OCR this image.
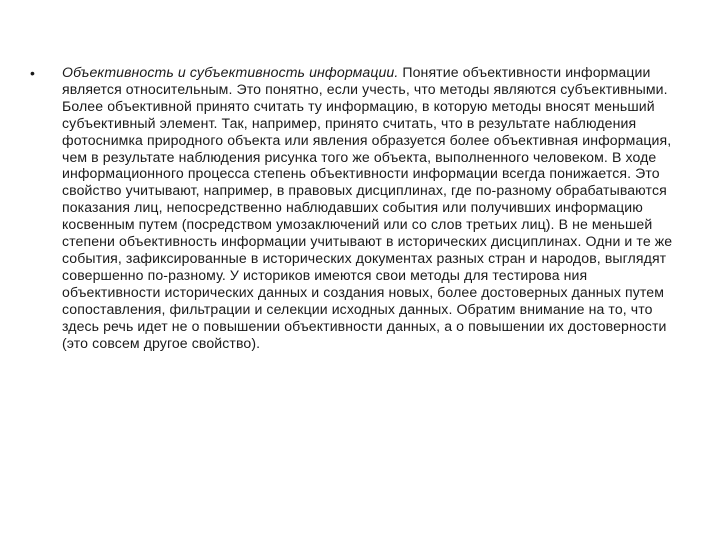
•	Объективность и субъективность информации. Понятие объективности информации является относительным. Это понятно, если учесть, что методы являются субъективными. Более объективной принято считать ту информацию, в которую методы вносят меньший субъективный элемент. Так, например, принято считать, что в результате наблюдения фотоснимка природного объекта или явления образуется более объективная информация, чем в результате наблюдения рисунка того же объекта, выполненного человеком. В ходе информационного процесса степень объективности информации всегда понижается. Это свойство учитывают, например, в правовых дисциплинах, где по-разному обрабатываются показания лиц, непосредственно наблюдавших события или получивших информацию косвенным путем (посредством умозаключений или со слов третьих лиц). В не меньшей степени объективность информации учитывают в исторических дисциплинах. Одни и те же события, зафиксированные в исторических документах разных стран и народов, выглядят совершенно по-разному. У историков имеются свои методы для тестирова ния объективности исторических данных и создания новых, более достоверных данных путем сопоставления, фильтрации и селекции исходных данных. Обратим внимание на то, что здесь речь идет не о повышении объективности данных, а о повышении их достоверности (это совсем другое свойство).
